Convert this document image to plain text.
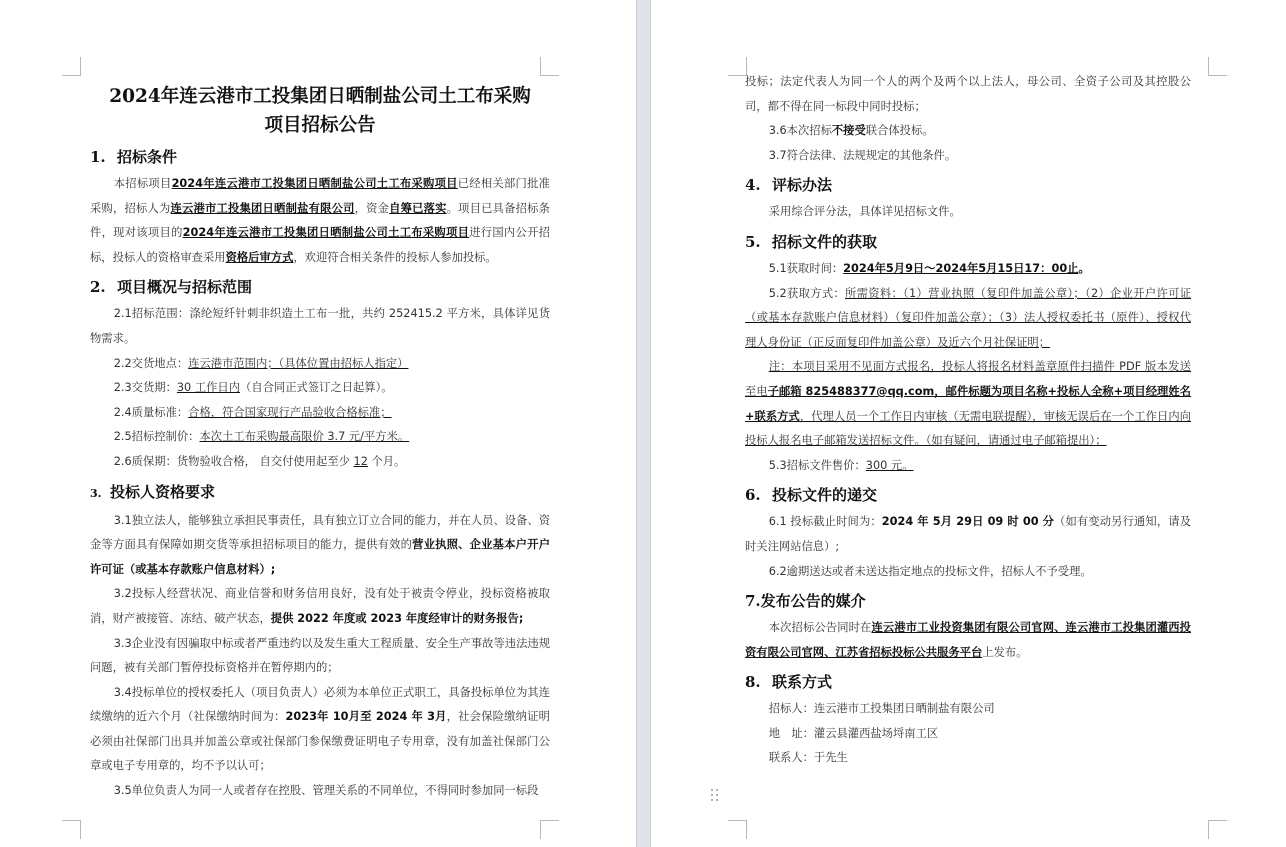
2024年连云港市工投集团日晒制盐公司土工布采购
项目招标公告
1. 招标条件
本招标项目2024年连云港市工投集团日晒制盐公司土工布采购项目已经相关部门批准采购，招标人为连云港市工投集团日晒制盐有限公司，资金自筹已落实。项目已具备招标条件，现对该项目的2024年连云港市工投集团日晒制盐公司土工布采购项目进行国内公开招标，投标人的资格审查采用资格后审方式，欢迎符合相关条件的投标人参加投标。
2. 项目概况与招标范围
2.1招标范围：涤纶短纤针刺非织造土工布一批，共约 252415.2 平方米，具体详见货物需求。
2.2交货地点：连云港市范围内；（具体位置由招标人指定）
2.3交货期：30 工作日内（自合同正式签订之日起算）。
2.4质量标准：合格，符合国家现行产品验收合格标准；
2.5招标控制价：本次土工布采购最高限价 3.7 元/平方米。
2.6质保期：货物验收合格， 自交付使用起至少 12 个月。
3. 投标人资格要求
3.1独立法人，能够独立承担民事责任，具有独立订立合同的能力，并在人员、设备、资金等方面具有保障如期交货等承担招标项目的能力，提供有效的营业执照、企业基本户开户许可证（或基本存款账户信息材料）;
3.2投标人经营状况、商业信誉和财务信用良好，没有处于被责令停业，投标资格被取消，财产被接管、冻结、破产状态，提供 2022 年度或 2023 年度经审计的财务报告;
3.3企业没有因骗取中标或者严重违约以及发生重大工程质量、安全生产事故等违法违规问题，被有关部门暂停投标资格并在暂停期内的；
3.4投标单位的授权委托人（项目负责人）必须为本单位正式职工，具备投标单位为其连续缴纳的近六个月（社保缴纳时间为：2023年 10月至 2024 年 3月，社会保险缴纳证明必须由社保部门出具并加盖公章或社保部门参保缴费证明电子专用章，没有加盖社保部门公章或电子专用章的，均不予以认可；
3.5单位负责人为同一人或者存在控股、管理关系的不同单位，不得同时参加同一标段
投标；法定代表人为同一个人的两个及两个以上法人，母公司、全资子公司及其控股公司，都不得在同一标段中同时投标；
3.6本次招标不接受联合体投标。
3.7符合法律、法规规定的其他条件。
4. 评标办法
采用综合评分法，具体详见招标文件。
5. 招标文件的获取
5.1获取时间：2024年5月9日～2024年5月15日17：00止。
5.2获取方式：所需资料：（1）营业执照（复印件加盖公章）；（2）企业开户许可证（或基本存款账户信息材料）（复印件加盖公章）；（3）法人授权委托书（原件）、授权代理人身份证（正反面复印件加盖公章）及近六个月社保证明；
注：本项目采用不见面方式报名，投标人将报名材料盖章原件扫描件 PDF 版本发送至电子邮箱 825488377@qq.com，邮件标题为项目名称+投标人全称+项目经理姓名+联系方式，代理人员一个工作日内审核（无需电联提醒），审核无误后在一个工作日内向投标人报名电子邮箱发送招标文件。（如有疑问，请通过电子邮箱提出）；
5.3招标文件售价：300 元。
6. 投标文件的递交
6.1 投标截止时间为：2024 年 5月 29日 09 时 00 分（如有变动另行通知，请及时关注网站信息）;
6.2逾期送达或者未送达指定地点的投标文件，招标人不予受理。
7.发布公告的媒介
本次招标公告同时在连云港市工业投资集团有限公司官网、连云港市工投集团灌西投资有限公司官网、江苏省招标投标公共服务平台上发布。
8. 联系方式
招标人：连云港市工投集团日晒制盐有限公司
地　址：灌云县灌西盐场埒南工区
联系人：于先生
